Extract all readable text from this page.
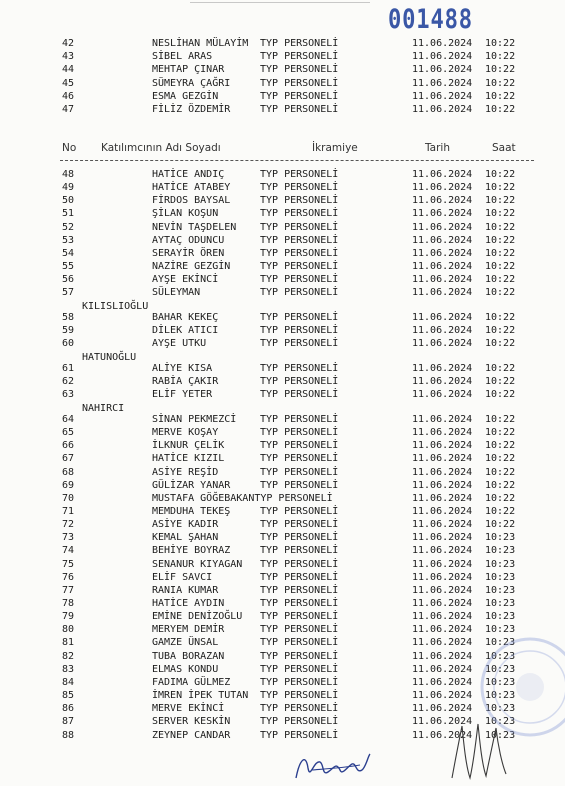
001488
42	NESLİHAN MÜLAYİM TYP PERSONELİ	11.06.2024 10:22
43	SİBEL ARAS	TYP PERSONELİ	11.06.2024 10:22
44	MEHTAP ÇINAR	TYP PERSONELİ	11.06.2024 10:22
45	SÜMEYRA ÇAĞRI	TYP PERSONELİ	11.06.2024 10:22
46	ESMA GEZGİN	TYP PERSONELİ	11.06.2024 10:22
47	FİLİZ ÖZDEMİR	TYP PERSONELİ	11.06.2024 10:22
No Katılımcının Adı Soyadı	İkramiye	Tarih	Saat
48	HATİCE ANDIÇ	TYP PERSONELİ	11.06.2024 10:22
49	HATİCE ATABEY	TYP PERSONELİ	11.06.2024 10:22
50	FİRDOS BAYSAL	TYP PERSONELİ	11.06.2024 10:22
51	ŞİLAN KOŞUN	TYP PERSONELİ	11.06.2024 10:22
52	NEVİN TAŞDELEN TYP PERSONELİ	11.06.2024 10:22
53	AYTAÇ ODUNCU	TYP PERSONELİ	11.06.2024 10:22
54	SERAYİR ÖREN	TYP PERSONELİ	11.06.2024 10:22
55	NAZİRE GEZGİN	TYP PERSONELİ	11.06.2024 10:22
56	AYŞE EKİNCİ	TYP PERSONELİ	11.06.2024 10:22
57	SÜLEYMAN	TYP PERSONELİ	11.06.2024 10:22
KILISLIOĞLU
58	BAHAR KEKEÇ	TYP PERSONELİ	11.06.2024 10:22
59	DİLEK ATICI	TYP PERSONELİ	11.06.2024 10:22
60	AYŞE UTKU	TYP PERSONELİ	11.06.2024 10:22
HATUNOĞLU
61	ALİYE KISA	TYP PERSONELİ	11.06.2024 10:22
62	RABİA ÇAKIR	TYP PERSONELİ	11.06.2024 10:22
63	ELİF YETER	TYP PERSONELİ	11.06.2024 10:22
NAHIRCI
64	SİNAN PEKMEZCİ TYP PERSONELİ	11.06.2024 10:22
65	MERVE KOŞAY	TYP PERSONELİ	11.06.2024 10:22
66	İLKNUR ÇELİK	TYP PERSONELİ	11.06.2024 10:22
67	HATİCE KIZIL	TYP PERSONELİ	11.06.2024 10:22
68	ASİYE REŞİD	TYP PERSONELİ	11.06.2024 10:22
69	GÜLİZAR YANAR	TYP PERSONELİ	11.06.2024 10:22
70	MUSTAFA GÖĞEBAKANTYP PERSONELİ	11.06.2024 10:22
71	MEMDUHA TEKEŞ	TYP PERSONELİ	11.06.2024 10:22
72	ASİYE KADIR	TYP PERSONELİ	11.06.2024 10:22
73	KEMAL ŞAHAN	TYP PERSONELİ	11.06.2024 10:23
74	BEHİYE BOYRAZ	TYP PERSONELİ	11.06.2024 10:23
75	SENANUR KIYAGAN TYP PERSONELİ	11.06.2024 10:23
76	ELİF SAVCI	TYP PERSONELİ	11.06.2024 10:23
77	RANIA KUMAR	TYP PERSONELİ	11.06.2024 10:23
78	HATİCE AYDIN	TYP PERSONELİ	11.06.2024 10:23
79	EMİNE DENİZOĞLU TYP PERSONELİ	11.06.2024 10:23
80	MERYEM DEMİR	TYP PERSONELİ	11.06.2024 10:23
81	GAMZE ÜNSAL	TYP PERSONELİ	11.06.2024 10:23
82	TUBA BORAZAN	TYP PERSONELİ	11.06.2024 10:23
83	ELMAS KONDU	TYP PERSONELİ	11.06.2024 10:23
84	FADIMA GÜLMEZ	TYP PERSONELİ	11.06.2024 10:23
85	İMREN İPEK TUTAN TYP PERSONELİ	11.06.2024 10:23
86	MERVE EKİNCİ	TYP PERSONELİ	11.06.2024 10:23
87	SERVER KESKİN	TYP PERSONELİ	11.06.2024 10:23
88	ZEYNEP CANDAR	TYP PERSONELİ	11.06.2024 10:23
